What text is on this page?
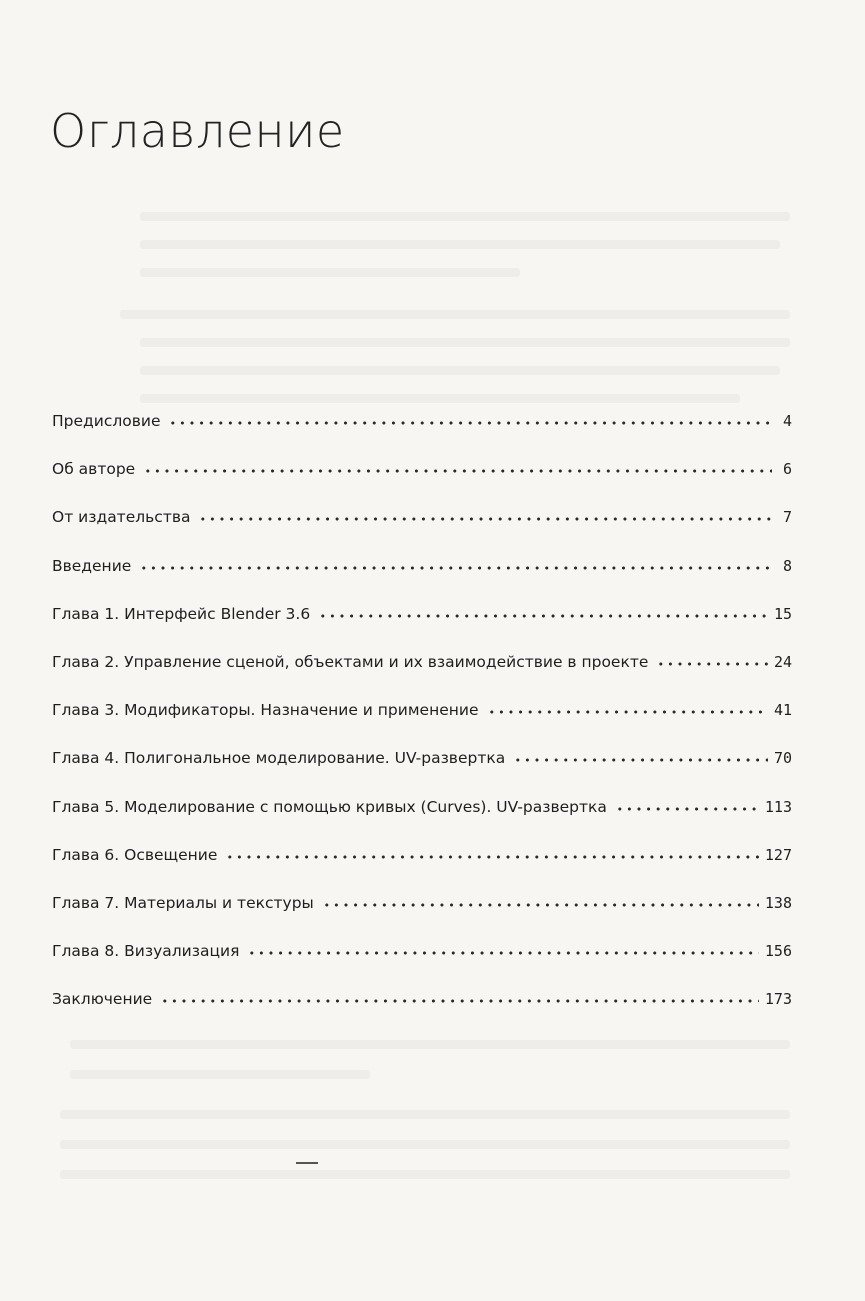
Оглавление
Предисловие	4
Об авторе	6
От издательства	7
Введение	8
Глава 1. Интерфейс Blender 3.6	15
Глава 2. Управление сценой, объектами и их взаимодействие в проекте	24
Глава 3. Модификаторы. Назначение и применение	41
Глава 4. Полигональное моделирование. UV-развертка	70
Глава 5. Моделирование с помощью кривых (Curves). UV-развертка	113
Глава 6. Освещение	127
Глава 7. Материалы и текстуры	138
Глава 8. Визуализация	156
Заключение	173
